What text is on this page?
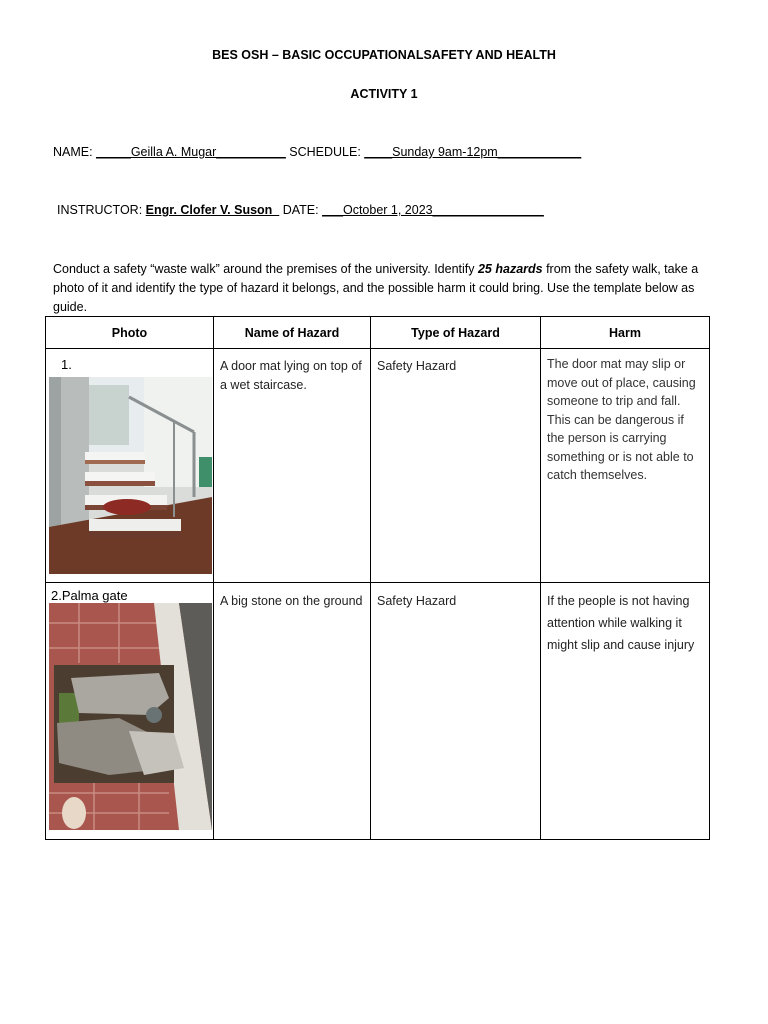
BES OSH – BASIC OCCUPATIONALSAFETY AND HEALTH
ACTIVITY 1
NAME: _____Geilla A. Mugar__________ SCHEDULE: ____Sunday 9am-12pm____________
INSTRUCTOR: Engr. Clofer V. Suson   DATE: ___October 1, 2023________________
Conduct a safety “waste walk” around the premises of the university. Identify 25 hazards from the safety walk, take a photo of it and identify the type of hazard it belongs, and the possible harm it could bring. Use the template below as guide.
Photo	Name of Hazard	Type of Hazard	Harm

1.	A door mat lying on top of a wet staircase.	Safety Hazard	The door mat may slip or move out of place, causing someone to trip and fall. This can be dangerous if the person is carrying something or is not able to catch themselves.

2.Palma gate	A big stone on the ground	Safety Hazard	If the people is not having attention while walking it might slip and cause injury
